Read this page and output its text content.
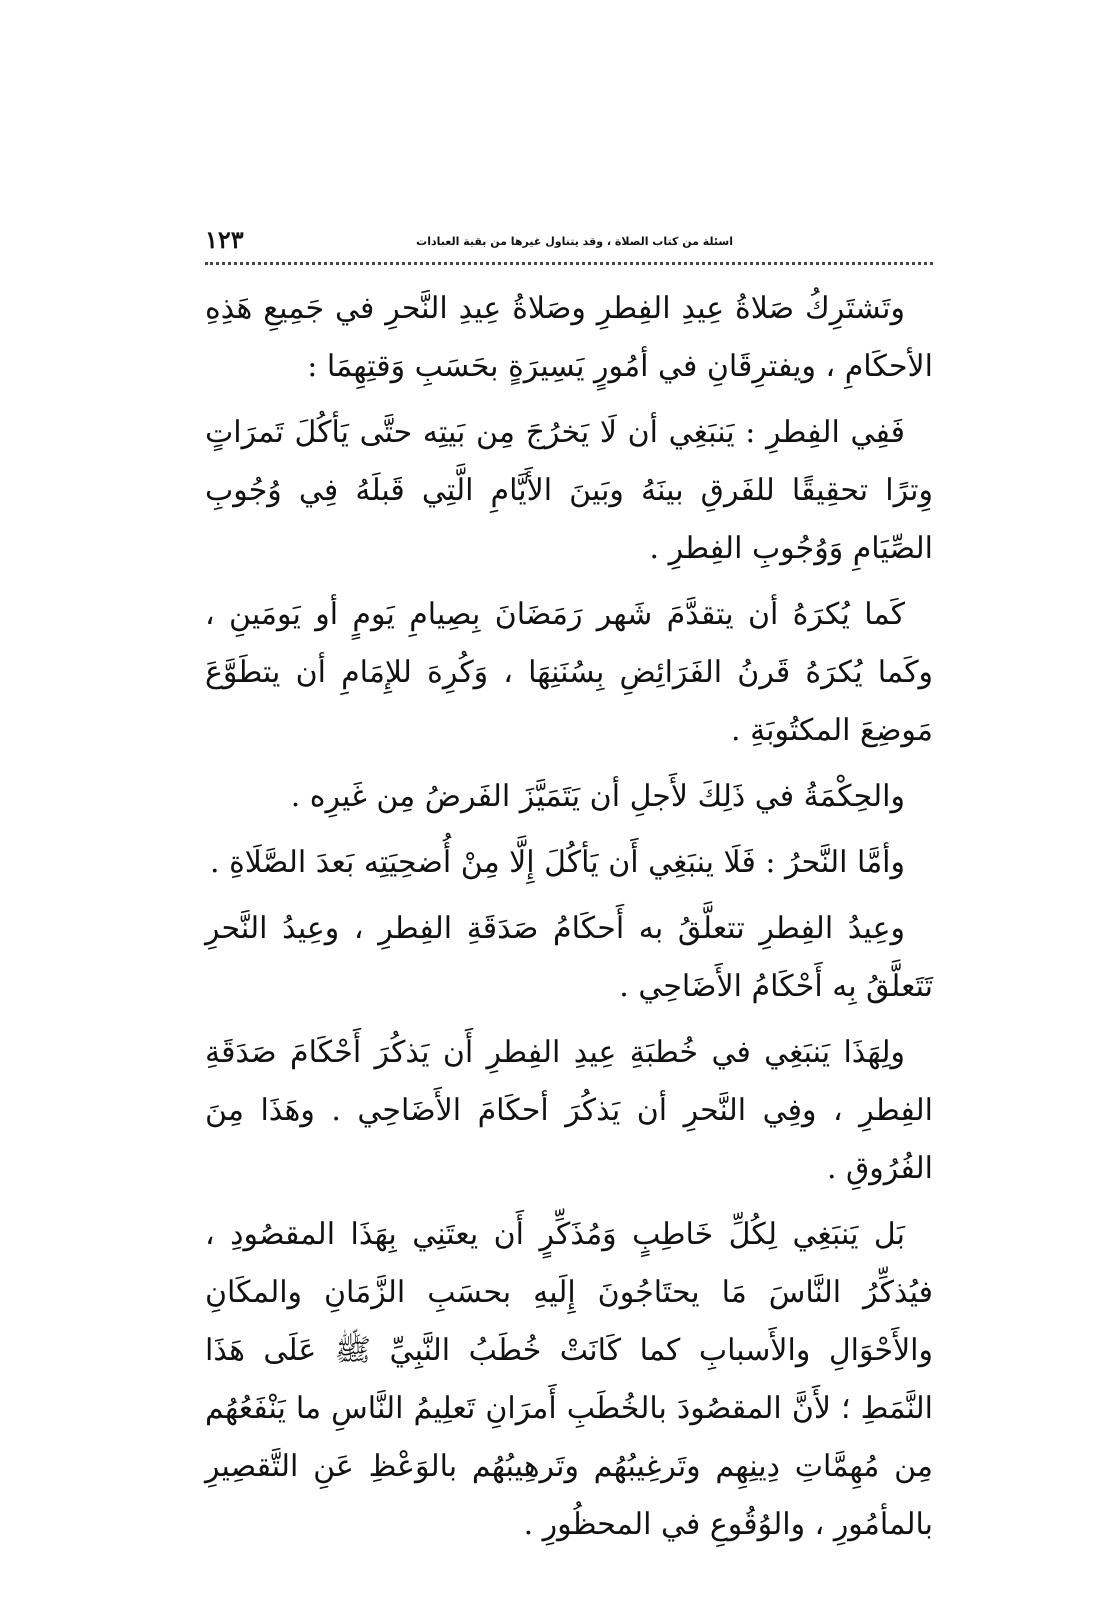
١٢٣	اسئلة من كتاب الصلاة ، وقد يتناول غيرها من بقية العبادات

وتَشتَرِكُ صَلاةُ عِيدِ الفِطرِ وصَلاةُ عِيدِ النَّحرِ في جَمِيعِ هَذِهِ الأحكَامِ ، ويفترِقَانِ في أمُورٍ يَسِيرَةٍ بحَسَبِ وَقتِهِمَا :

فَفِي الفِطرِ : يَنبَغِي أن لَا يَخرُجَ مِن بَيتِه حتَّى يَأكُلَ تَمرَاتٍ وِترًا تحقِيقًا للفَرقِ بينَهُ وبَينَ الأَيَّامِ الَّتِي قَبلَهُ فِي وُجُوبِ الصِّيَامِ وَوُجُوبِ الفِطرِ .

كَما يُكرَهُ أن يتقدَّمَ شَهر رَمَضَانَ بِصِيامِ يَومٍ أو يَومَينِ ، وكَما يُكرَهُ قَرنُ الفَرَائِضِ بِسُنَنِهَا ، وَكُرِهَ للإِمَامِ أن يتطَوَّعَ مَوضِعَ المكتُوبَةِ .

والحِكْمَةُ في ذَلِكَ لأَجلِ أن يَتَمَيَّزَ الفَرضُ مِن غَيرِه .

وأمَّا النَّحرُ : فَلَا ينبَغِي أَن يَأكُلَ إِلَّا مِنْ أُضحِيَتِه بَعدَ الصَّلَاةِ .

وعِيدُ الفِطرِ تتعلَّقُ به أَحكَامُ صَدَقَةِ الفِطرِ ، وعِيدُ النَّحرِ تَتَعلَّقُ بِه أَحْكَامُ الأَضَاحِي .

ولِهَذَا يَنبَغِي في خُطبَةِ عِيدِ الفِطرِ أَن يَذكُرَ أَحْكَامَ صَدَقَةِ الفِطرِ ، وفِي النَّحرِ أن يَذكُرَ أحكَامَ الأَضَاحِي . وهَذَا مِنَ الفُرُوقِ .

بَل يَنبَغِي لِكُلِّ خَاطِبٍ وَمُذَكِّرٍ أَن يعتَنِي بِهَذَا المقصُودِ ، فيُذكِّرُ النَّاسَ مَا يحتَاجُونَ إِلَيهِ بحسَبِ الزَّمَانِ والمكَانِ والأَحْوَالِ والأَسبابِ كما كَانَتْ خُطَبُ النَّبِيِّ ﷺ عَلَى هَذَا النَّمَطِ ؛ لأَنَّ المقصُودَ بالخُطَبِ أَمرَانِ تَعلِيمُ النَّاسِ ما يَنْفَعُهُم مِن مُهِمَّاتِ دِينِهِم وتَرغِيبُهُم وتَرهِيبُهُم بالوَعْظِ عَنِ التَّقصِيرِ بالمأمُورِ ، والوُقُوعِ في المحظُورِ .
